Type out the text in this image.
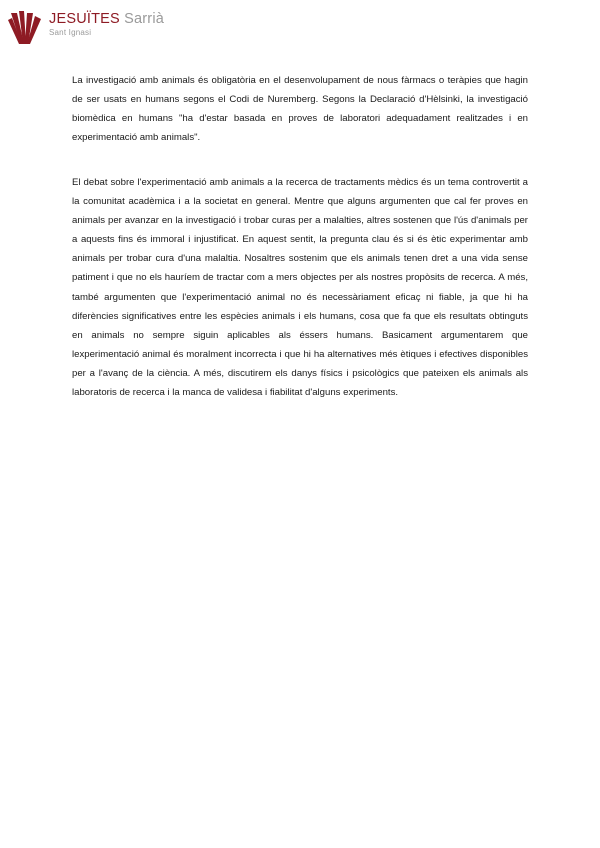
JESUÏTES Sarrià
Sant Ignasi

La investigació amb animals és obligatòria en el desenvolupament de nous fàrmacs o teràpies que hagin de ser usats en humans segons el Codi de Nuremberg. Segons la Declaració d'Hèlsinki, la investigació biomèdica en humans "ha d'estar basada en proves de laboratori adequadament realitzades i en experimentació amb animals".

El debat sobre l'experimentació amb animals a la recerca de tractaments mèdics és un tema controvertit a la comunitat acadèmica i a la societat en general. Mentre que alguns argumenten que cal fer proves en animals per avanzar en la investigació i trobar curas per a malalties, altres sostenen que l'ús d'animals per a aquests fins és immoral i injustificat. En aquest sentit, la pregunta clau és si és ètic experimentar amb animals per trobar cura d'una malaltia. Nosaltres sostenim que els animals tenen dret a una vida sense patiment i que no els hauríem de tractar com a mers objectes per als nostres propòsits de recerca. A més, també argumenten que l'experimentació animal no és necessàriament eficaç ni fiable, ja que hi ha diferències significatives entre les espècies animals i els humans, cosa que fa que els resultats obtinguts en animals no sempre siguin aplicables als éssers humans. Basicament argumentarem que lexperimentació animal és moralment incorrecta i que hi ha alternatives més ètiques i efectives disponibles per a l'avanç de la ciència. A més, discutirem els danys físics i psicològics que pateixen els animals als laboratoris de recerca i la manca de validesa i fiabilitat d'alguns experiments.
